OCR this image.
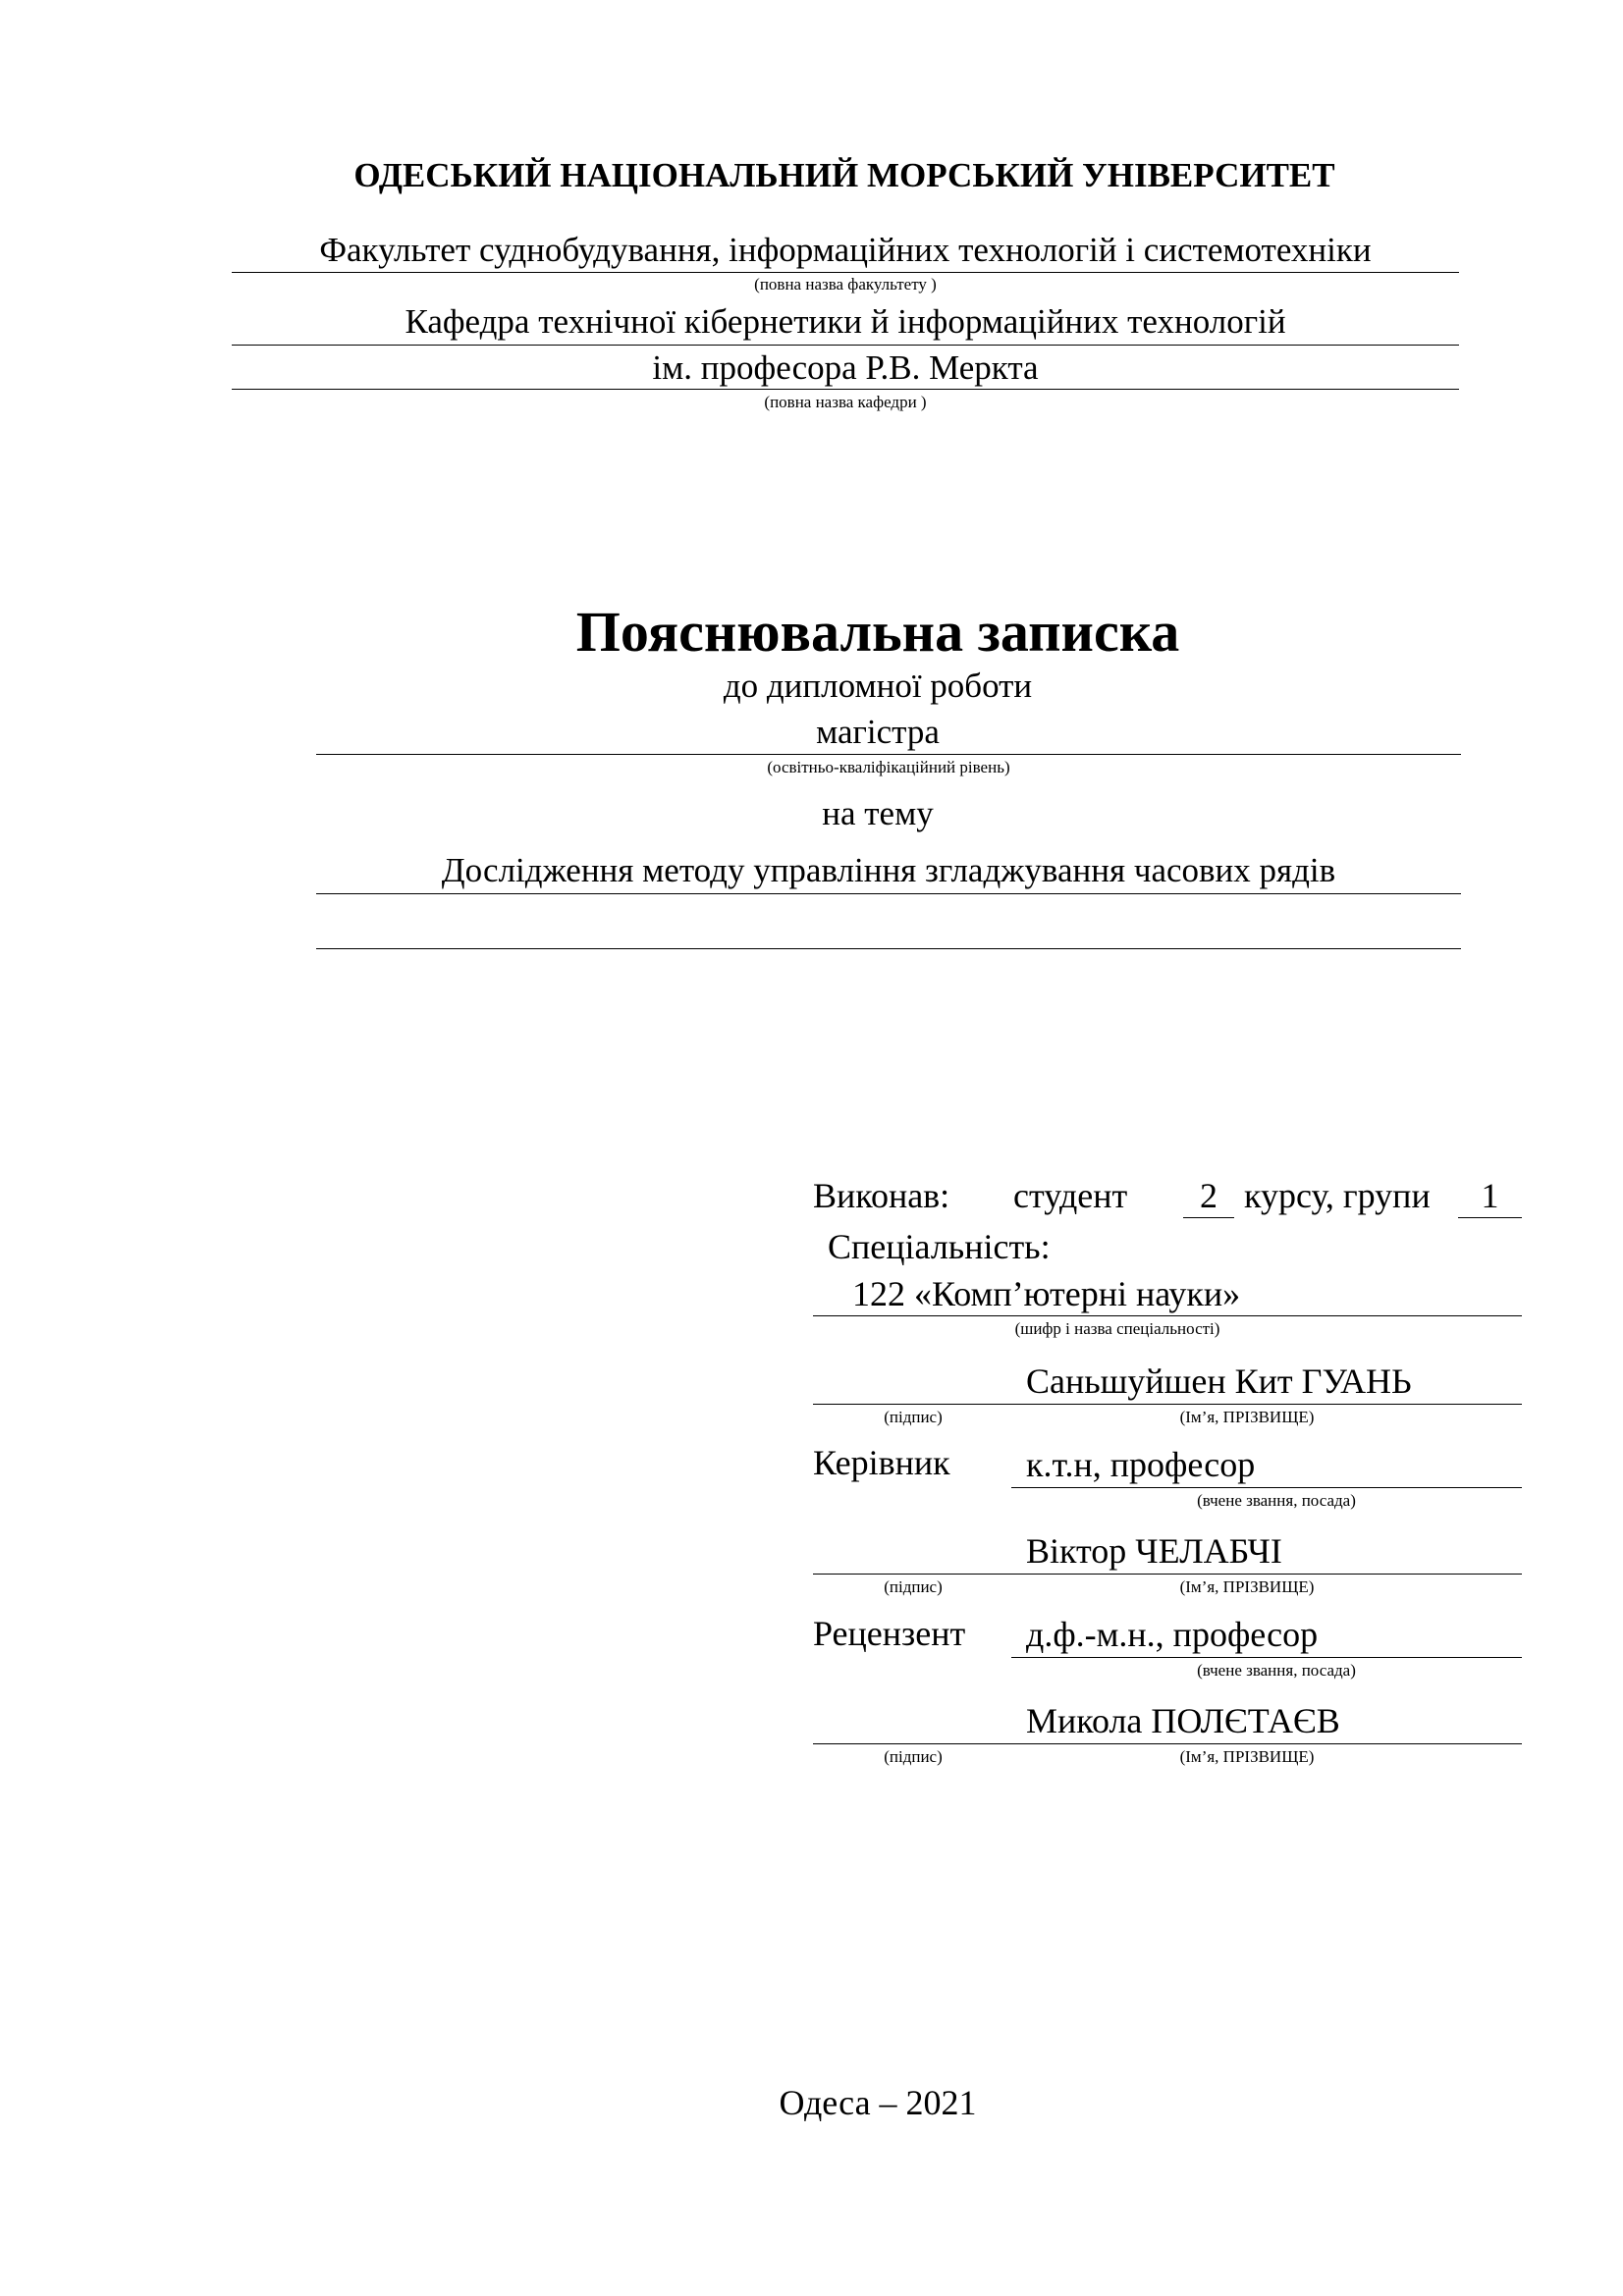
ОДЕСЬКИЙ НАЦІОНАЛЬНИЙ МОРСЬКИЙ УНІВЕРСИТЕТ
Факультет суднобудування, інформаційних технологій і системотехніки
(повна назва факультету )
Кафедра технічної кібернетики й інформаційних технологій
ім. професора Р.В. Меркта
(повна назва кафедри )
Пояснювальна записка
до дипломної роботи
магістра
(освітньо-кваліфікаційний рівень)
на тему
Дослідження методу управління згладжування часових рядів
Виконав: студент	2 курсу, групи	1
Спеціальність:
122 «Комп’ютерні науки»
(шифр і назва спеціальності)
Саньшуйшен Кит ГУАНЬ
(підпис)	(Ім’я, ПРІЗВИЩЕ)
Керівник к.т.н, професор
(вчене звання, посада)
Віктор ЧЕЛАБЧІ
(підпис)	(Ім’я, ПРІЗВИЩЕ)
Рецензент д.ф.-м.н., професор
(вчене звання, посада)
Микола ПОЛЄТАЄВ
(підпис)	(Ім’я, ПРІЗВИЩЕ)
Одеса – 2021
